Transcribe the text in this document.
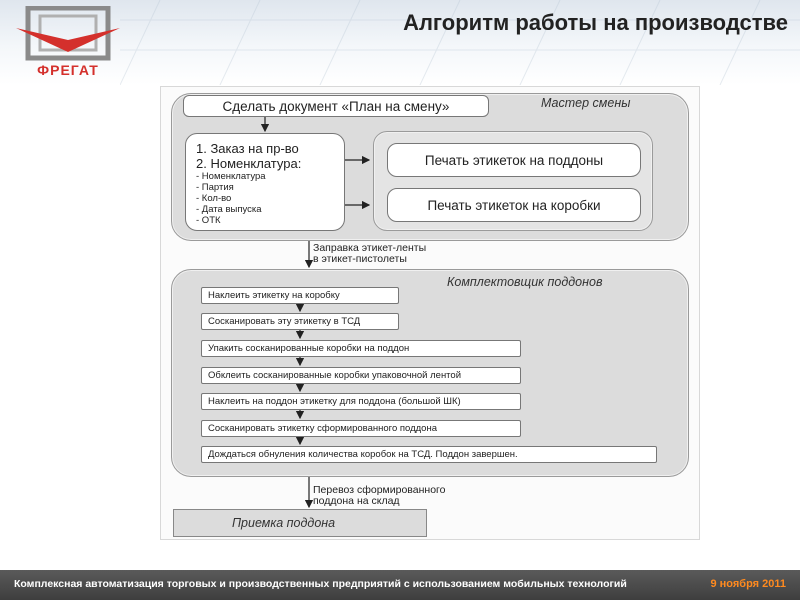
ФРЕГАТ
Алгоритм работы на производстве
Мастер смены
Сделать документ «План на смену»
1. Заказ на пр-во
2. Номенклатура:
- Номенклатура
- Партия
- Кол-во
- Дата выпуска
- ОТК
Печать этикеток на поддоны
Печать этикеток на коробки
Заправка этикет-ленты
в этикет-пистолеты
Комплектовщик поддонов
Наклеить этикетку на коробку
Сосканировать эту этикетку в ТСД
Упакить сосканированные коробки на поддон
Обклеить сосканированные коробки упаковочной лентой
Наклеить на поддон этикетку для поддона (большой ШК)
Сосканировать этикетку сформированного поддона
Дождаться обнуления количества коробок на ТСД. Поддон завершен.
Перевоз сформированного
поддона на склад
Приемка поддона
Комплексная автоматизация торговых и производственных предприятий с использованием мобильных технологий	9 ноября 2011
